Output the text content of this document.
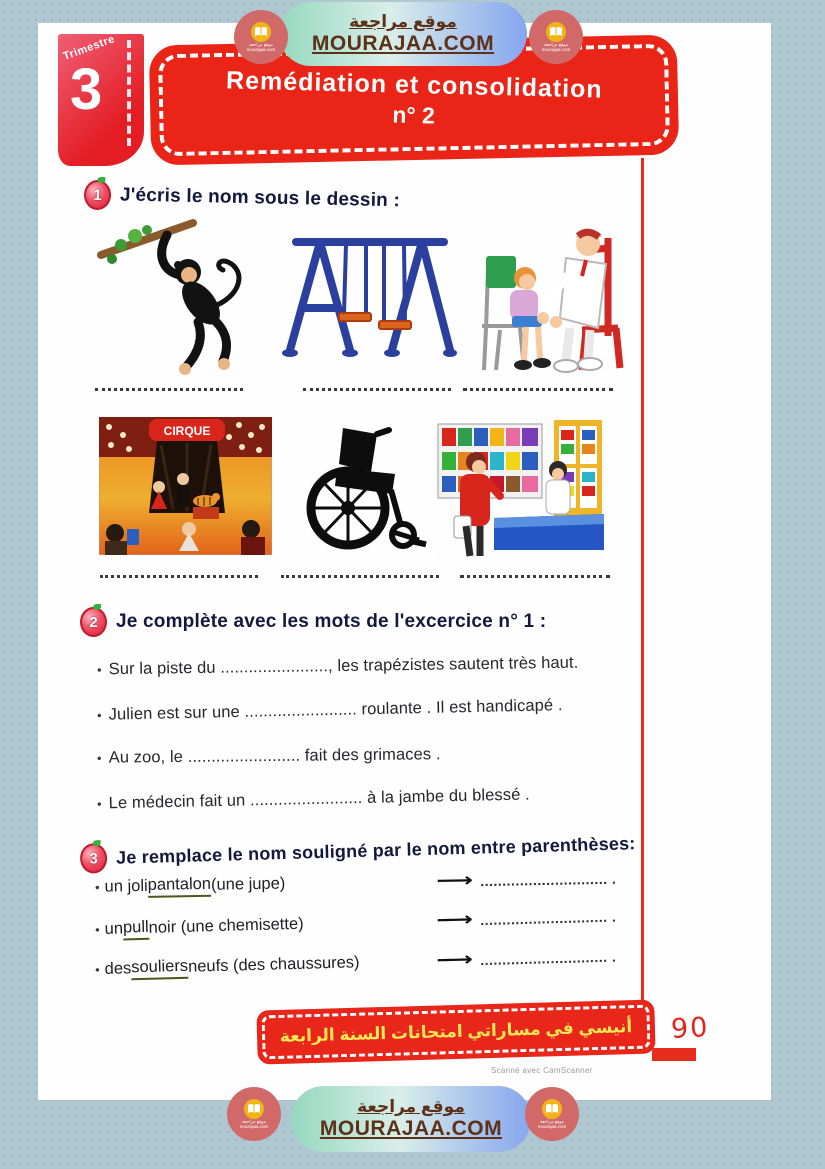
Trimestre
3	Remédiation et consolidation
n° 2
موقع مراجعة
MOURAJAA.COM
موقع مراجعة
mourajaa.com
موقع مراجعة
mourajaa.com
1 J'écris le nom sous le dessin :
CIRQUE
2 Je complète avec les mots de l'excercice n° 1 :
• Sur la piste du ......................., les trapézistes sautent très haut.
• Julien est sur une ........................ roulante . Il est handicapé .
• Au zoo, le ........................ fait des grimaces .
• Le médecin fait un ........................ à la jambe du blessé .
3 Je remplace le nom souligné par le nom entre parenthèses:
• un joli pantalon (une jupe)	⟶ ............................. .
• un pull noir (une chemisette)	⟶ ............................. .
• des souliers neufs (des chaussures)	⟶ ............................. .
أنيسي في مساراتي امتحانات السنة الرابعة 90
Scanné avec CamScanner
موقع مراجعة
MOURAJAA.COM
موقع مراجعة
mourajaa.com
موقع مراجعة
mourajaa.com
